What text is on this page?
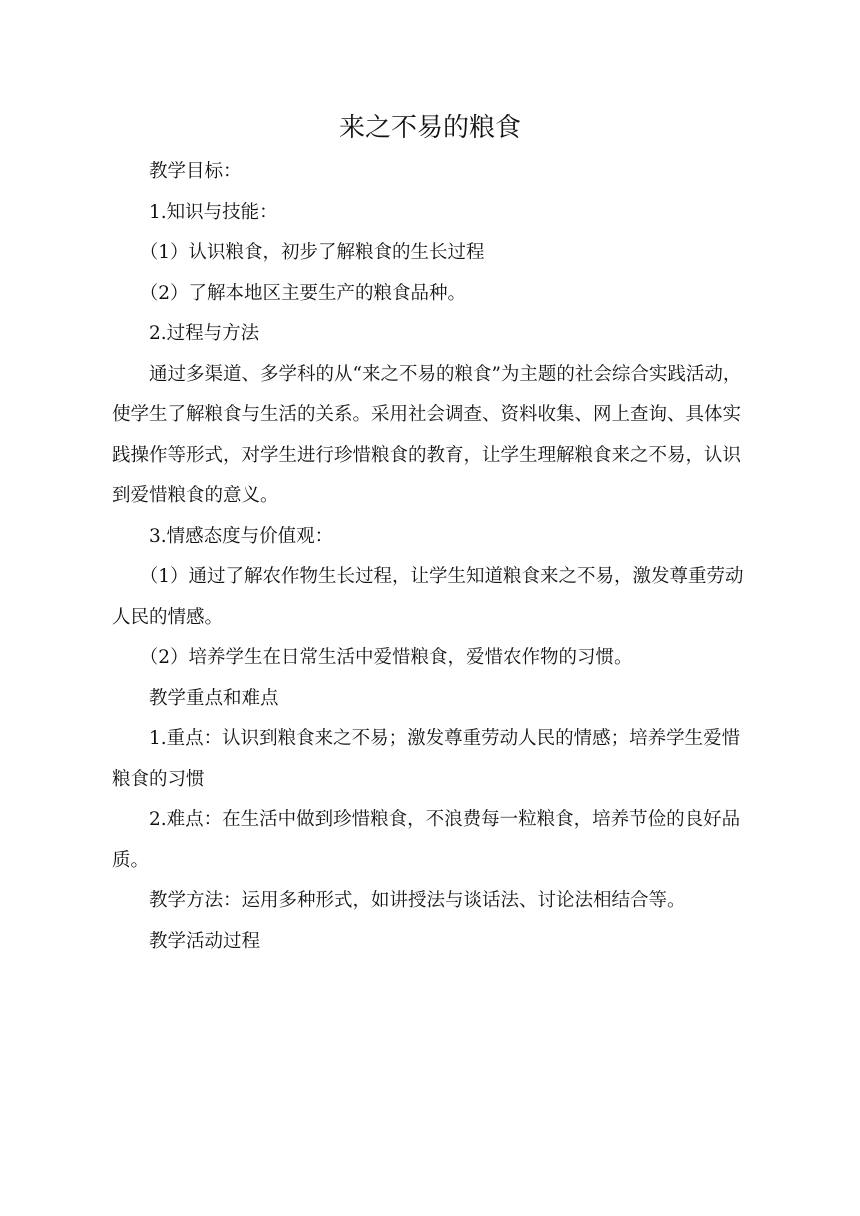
来之不易的粮食

教学目标：

1.知识与技能：

（1）认识粮食，初步了解粮食的生长过程

（2）了解本地区主要生产的粮食品种。

2.过程与方法

通过多渠道、多学科的从“来之不易的粮食”为主题的社会综合实践活动，使学生了解粮食与生活的关系。采用社会调查、资料收集、网上查询、具体实践操作等形式，对学生进行珍惜粮食的教育，让学生理解粮食来之不易，认识到爱惜粮食的意义。

3.情感态度与价值观：

（1）通过了解农作物生长过程，让学生知道粮食来之不易，激发尊重劳动人民的情感。

（2）培养学生在日常生活中爱惜粮食，爱惜农作物的习惯。

教学重点和难点

1.重点：认识到粮食来之不易；激发尊重劳动人民的情感；培养学生爱惜粮食的习惯

2.难点：在生活中做到珍惜粮食，不浪费每一粒粮食，培养节俭的良好品质。

教学方法：运用多种形式，如讲授法与谈话法、讨论法相结合等。

教学活动过程
